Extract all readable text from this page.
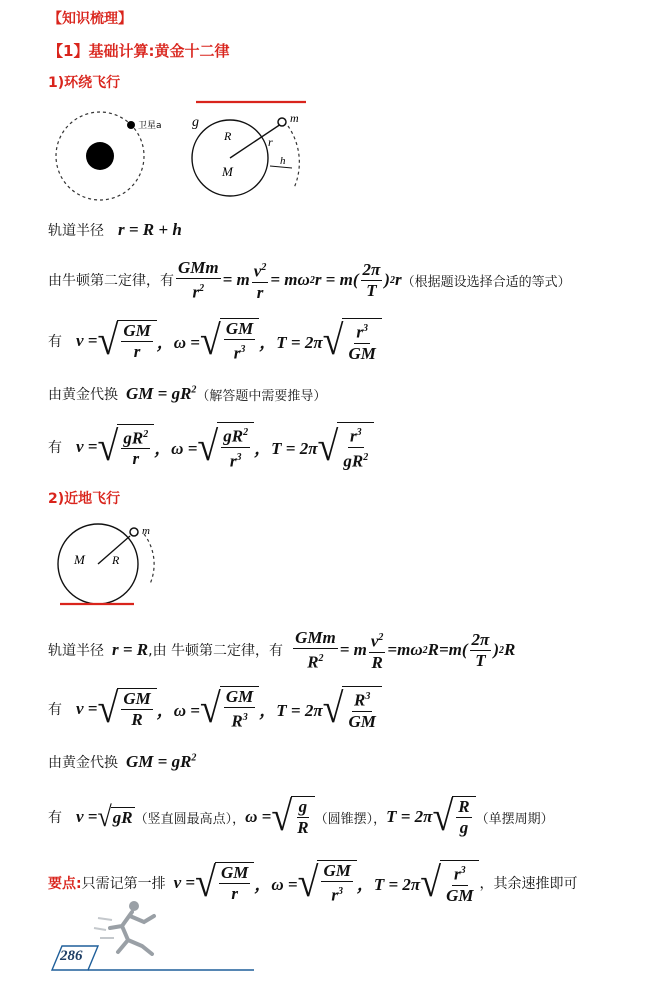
【知识梳理】
【1】基础计算:黄金十二律
1)环绕飞行
卫星a g
R	r
M
m
h
轨道半径 r = R + h
由牛顿第二定律，有 $\frac{\text{GMm}}{r^2} = m \frac{v^2}{r} = m\omega$ 2 $r = m( \frac{2\pi}{T}$ ) 2 r （根据题设选择合适的等式）
有 v = √ $\frac{GM}{r}$ ，ω = √ $\frac{GM}{r^3}$ ，T = 2π √ $\frac{r^3}{GM}$
由黄金代换 GM = $gR^2$ （解答题中需要推导）
有 v = √ $\frac{gR^2}{r}$ ，ω = √ $\frac{gR^2}{r^3}$ ，T = 2π √ $\frac{r^3}{gR^2}$
2)近地飞行
M R
m
轨道半径 r = R ,由 牛顿第二定律，有 $\frac{\text{GMm}}{R^2} = m \frac{v^2}{R} =m\omega$ 2 $R=m( \frac{2\pi}{T}$ ) 2 R
有 v = √ $\frac{GM}{R}$ ，ω = √ $\frac{GM}{R^3}$ ，T = 2π √ $\frac{R^3}{GM}$
由黄金代换 GM = $gR^2$
有 v = √ gR （竖直圆最高点）， ω = √ $\frac{g}{R}$ （圆锥摆）， T = 2π √ $\frac{R}{g}$ （单摆周期）
要点: 只需记第一排 v = √ $\frac{GM}{r}$ ，ω = √ $\frac{GM}{r^3}$ ，T = 2π √ $\frac{r^3}{GM}$ ，其余速推即可
286
